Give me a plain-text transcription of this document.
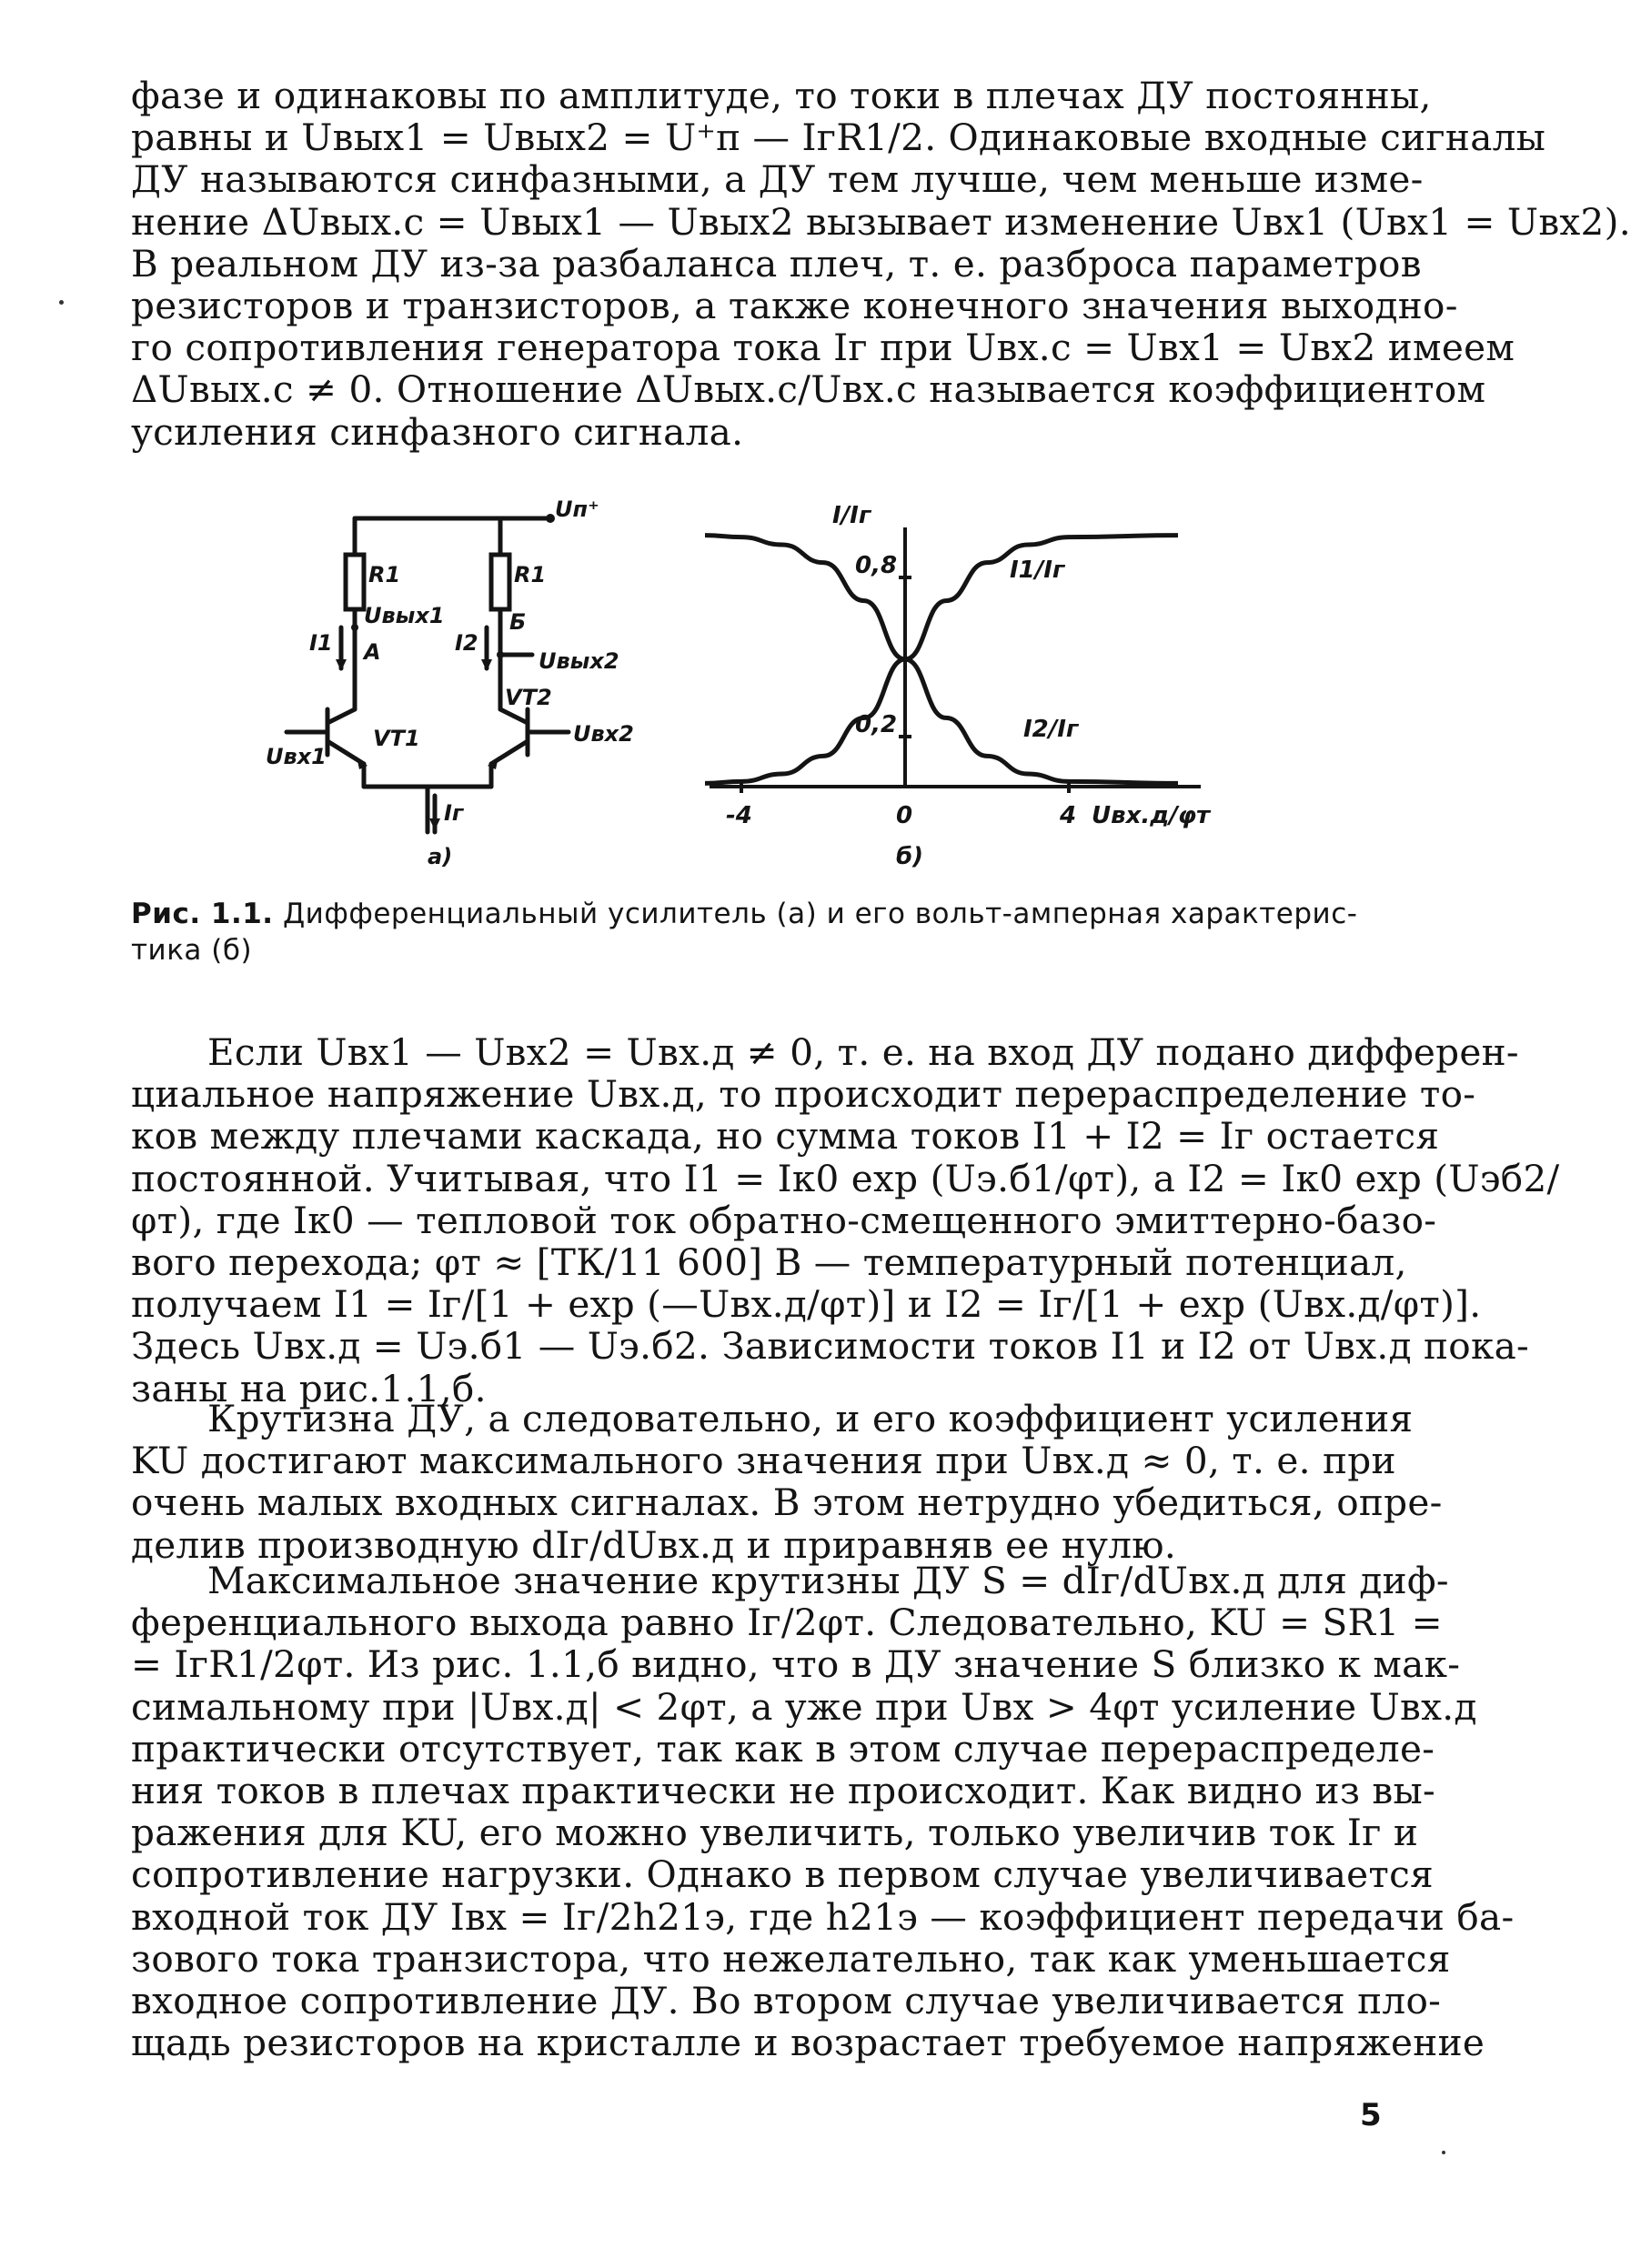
фазе и одинаковы по амплитуде, то токи в плечах ДУ постоянны,
равны и Uвых1 = Uвых2 = U⁺п — IгR1/2. Одинаковые входные сигналы
ДУ называются синфазными, а ДУ тем лучше, чем меньше изме-
нение ΔUвых.с = Uвых1 — Uвых2 вызывает изменение Uвх1 (Uвх1 = Uвх2).
В реальном ДУ из-за разбаланса плеч, т. е. разброса параметров
резисторов и транзисторов, а также конечного значения выходно-
го сопротивления генератора тока Iг при Uвх.с = Uвх1 = Uвх2 имеем
ΔUвых.с ≠ 0. Отношение ΔUвых.с/Uвх.с называется коэффициентом
усиления синфазного сигнала.
R1	R1
Uп⁺
Uвых1
Uвых2
I1	I2
А
Б
VT1
VT2
Uвх1
Uвх2
Iг
а)
I/Iг
I1/Iг
I2/Iг
0,8
0,2
-4	0	4 Uвх.д/φт
б)
Рис. 1.1. Дифференциальный усилитель (а) и его вольт-амперная характерис-
тика (б)
Если Uвх1 — Uвх2 = Uвх.д ≠ 0, т. е. на вход ДУ подано дифферен-
циальное напряжение Uвх.д, то происходит перераспределение то-
ков между плечами каскада, но сумма токов I1 + I2 = Iг остается
постоянной. Учитывая, что I1 = Iк0 exp (Uэ.б1/φт), а I2 = Iк0 exp (Uэб2/
φт), где Iк0 — тепловой ток обратно-смещенного эмиттерно-базо-
вого перехода; φт ≈ [ТК/11 600] В — температурный потенциал,
получаем I1 = Iг/[1 + exp (—Uвх.д/φт)] и I2 = Iг/[1 + exp (Uвх.д/φт)].
Здесь Uвх.д = Uэ.б1 — Uэ.б2. Зависимости токов I1 и I2 от Uвх.д пока-
заны на рис.1.1,б.
Крутизна ДУ, а следовательно, и его коэффициент усиления
KU достигают максимального значения при Uвх.д ≈ 0, т. е. при
очень малых входных сигналах. В этом нетрудно убедиться, опре-
делив производную dIг/dUвх.д и приравняв ее нулю.
Максимальное значение крутизны ДУ S = dIг/dUвх.д для диф-
ференциального выхода равно Iг/2φт. Следовательно, KU = SR1 =
= IгR1/2φт. Из рис. 1.1,б видно, что в ДУ значение S близко к мак-
симальному при |Uвх.д| < 2φт, а уже при Uвх > 4φт усиление Uвх.д
практически отсутствует, так как в этом случае перераспределе-
ния токов в плечах практически не происходит. Как видно из вы-
ражения для KU, его можно увеличить, только увеличив ток Iг и
сопротивление нагрузки. Однако в первом случае увеличивается
входной ток ДУ Iвх = Iг/2h21э, где h21э — коэффициент передачи ба-
зового тока транзистора, что нежелательно, так как уменьшается
входное сопротивление ДУ. Во втором случае увеличивается пло-
щадь резисторов на кристалле и возрастает требуемое напряжение
5
